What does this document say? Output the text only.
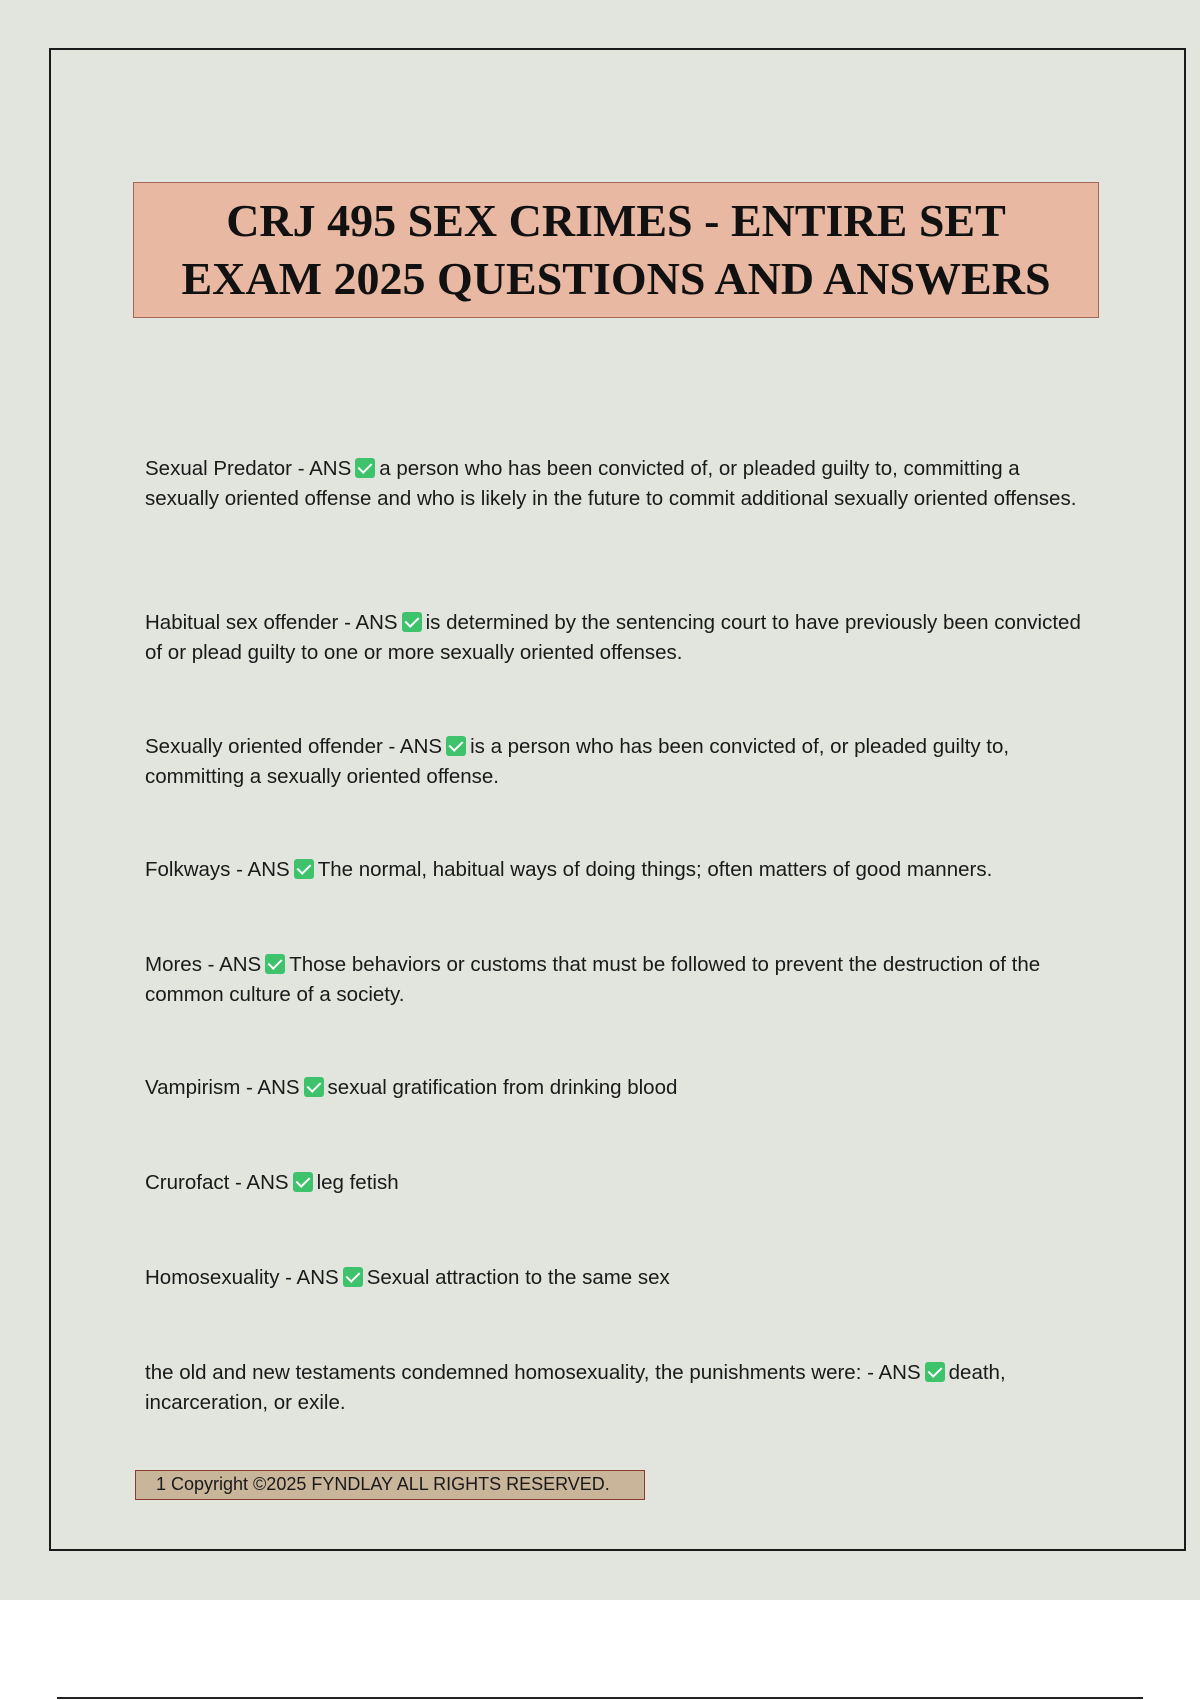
CRJ 495 SEX CRIMES - ENTIRE SET
EXAM 2025 QUESTIONS AND ANSWERS
Sexual Predator - ANS a person who has been convicted of, or pleaded guilty to, committing a sexually oriented offense and who is likely in the future to commit additional sexually oriented offenses.
Habitual sex offender - ANS is determined by the sentencing court to have previously been convicted of or plead guilty to one or more sexually oriented offenses.
Sexually oriented offender - ANS is a person who has been convicted of, or pleaded guilty to, committing a sexually oriented offense.
Folkways - ANS The normal, habitual ways of doing things; often matters of good manners.
Mores - ANS Those behaviors or customs that must be followed to prevent the destruction of the common culture of a society.
Vampirism - ANS sexual gratification from drinking blood
Crurofact - ANS leg fetish
Homosexuality - ANS Sexual attraction to the same sex
the old and new testaments condemned homosexuality, the punishments were: - ANS death, incarceration, or exile.
1 Copyright ©2025 FYNDLAY ALL RIGHTS RESERVED.
